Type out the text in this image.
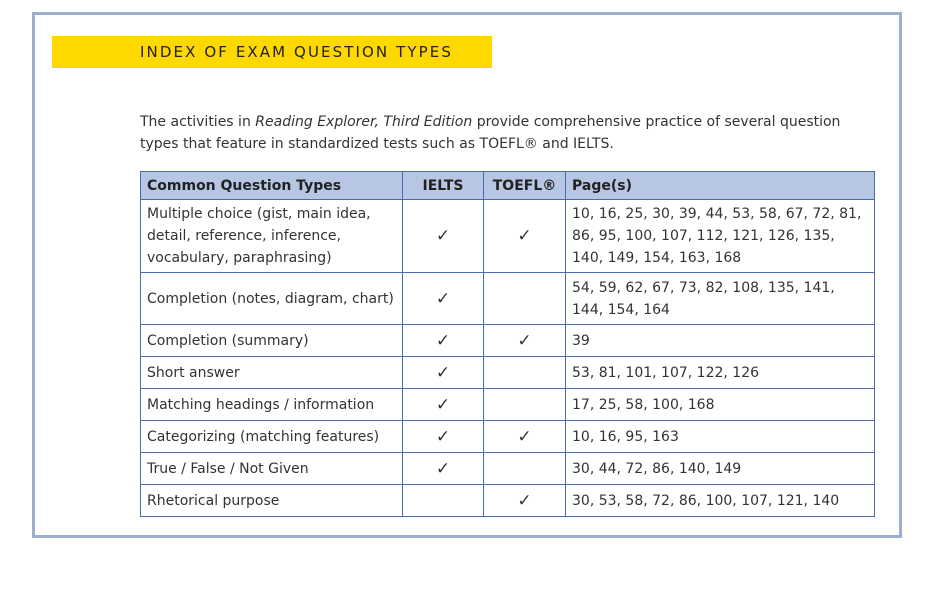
INDEX OF EXAM QUESTION TYPES

The activities in Reading Explorer, Third Edition provide comprehensive practice of several question types that feature in standardized tests such as TOEFL® and IELTS.

Common Question Types	IELTS	TOEFL®	Page(s)
Multiple choice (gist, main idea, detail, reference, inference, vocabulary, paraphrasing)	✓	✓	10, 16, 25, 30, 39, 44, 53, 58, 67, 72, 81, 86, 95, 100, 107, 112, 121, 126, 135, 140, 149, 154, 163, 168
Completion (notes, diagram, chart)	✓		54, 59, 62, 67, 73, 82, 108, 135, 141, 144, 154, 164
Completion (summary)	✓	✓	39
Short answer	✓		53, 81, 101, 107, 122, 126
Matching headings / information	✓		17, 25, 58, 100, 168
Categorizing (matching features)	✓	✓	10, 16, 95, 163
True / False / Not Given	✓		30, 44, 72, 86, 140, 149
Rhetorical purpose		✓	30, 53, 58, 72, 86, 100, 107, 121, 140
